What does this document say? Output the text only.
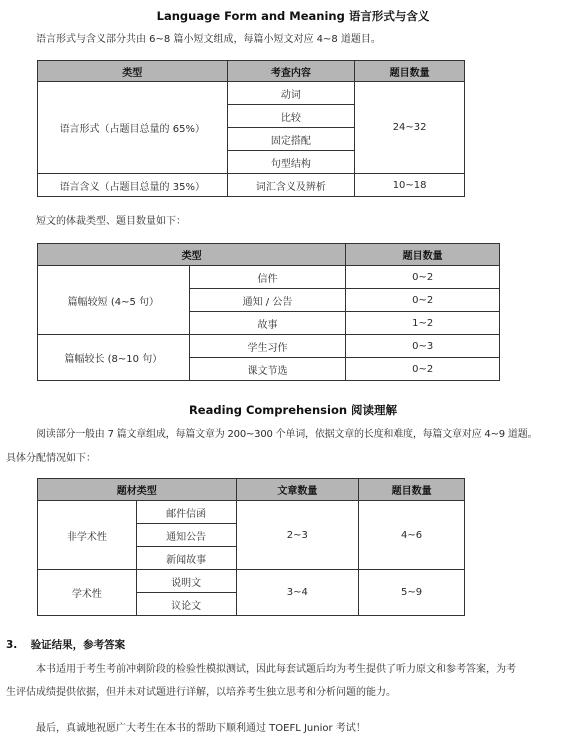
Language Form and Meaning 语言形式与含义
语言形式与含义部分共由 6~8 篇小短文组成，每篇小短文对应 4~8 道题目。
类型	考查内容	题目数量
语言形式（占题目总量的 65%）	动词	24~32
	比较	
	固定搭配	
	句型结构	
语言含义（占题目总量的 35%）	词汇含义及辨析	10~18
短文的体裁类型、题目数量如下：
类型		题目数量
篇幅较短 (4~5 句）	信件	0~2
	通知 / 公告	0~2
	故事	1~2
篇幅较长 (8~10 句）	学生习作	0~3
	课文节选	0~2
Reading Comprehension 阅读理解
阅读部分一般由 7 篇文章组成，每篇文章为 200~300 个单词，依据文章的长度和难度，每篇文章对应 4~9 道题。
具体分配情况如下：
题材类型		文章数量	题目数量
非学术性	邮件信函	2~3	4~6
	通知公告		
	新闻故事		
学术性	说明文	3~4	5~9
	议论文		
3. 验证结果，参考答案
本书适用于考生考前冲刺阶段的检验性模拟测试，因此每套试题后均为考生提供了听力原文和参考答案，为考
生评估成绩提供依据，但并未对试题进行详解，以培养考生独立思考和分析问题的能力。
最后，真诚地祝愿广大考生在本书的帮助下顺利通过 TOEFL Junior 考试！
